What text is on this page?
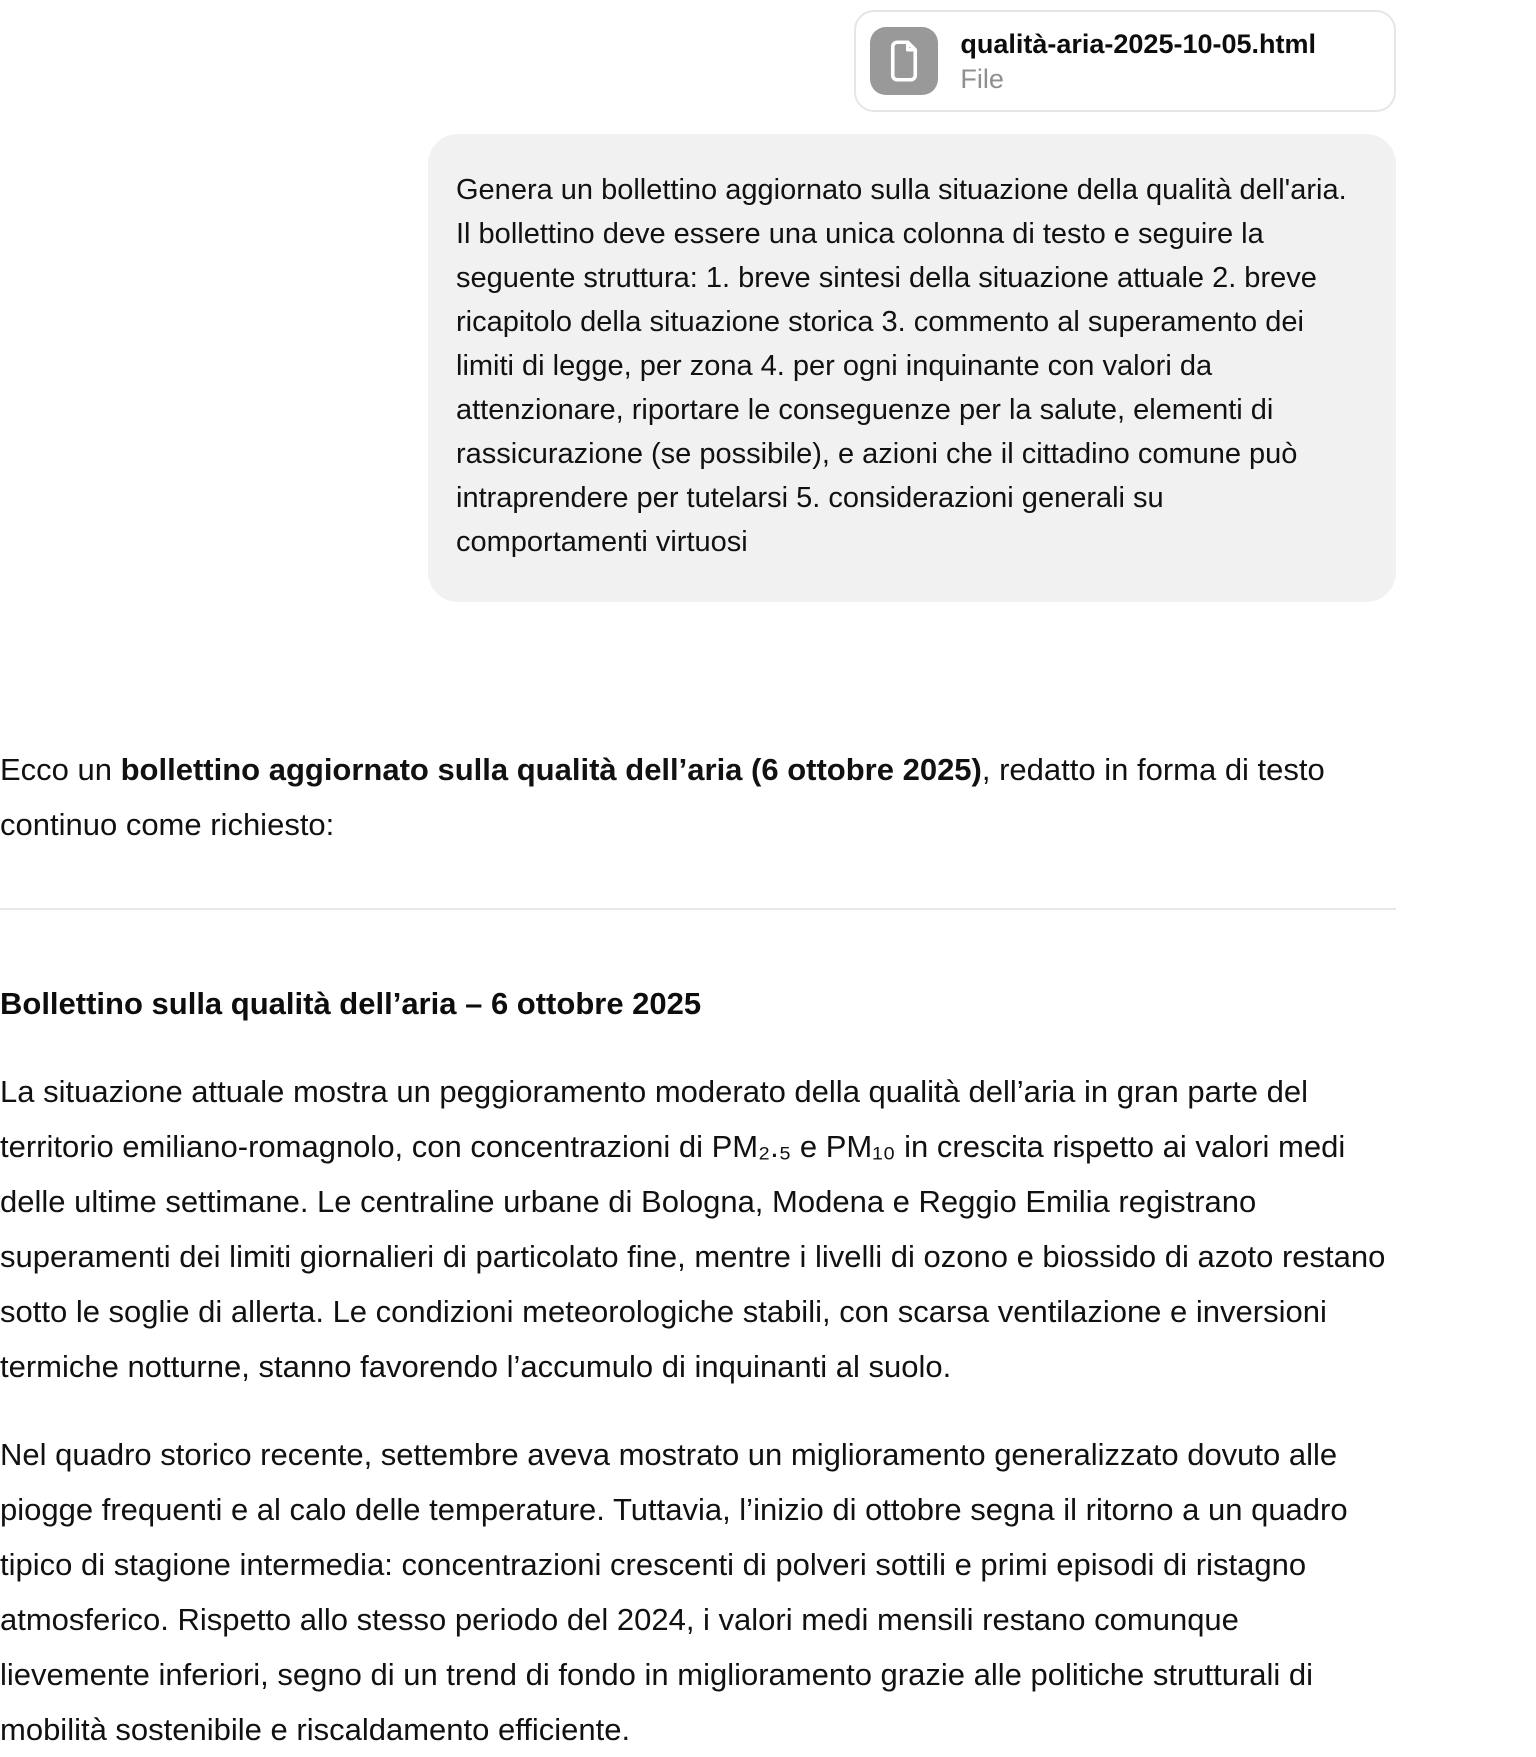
qualità-aria-2025-10-05.html
File

Genera un bollettino aggiornato sulla situazione della qualità dell'aria. Il bollettino deve essere una unica colonna di testo e seguire la seguente struttura: 1. breve sintesi della situazione attuale 2. breve ricapitolo della situazione storica 3. commento al superamento dei limiti di legge, per zona 4. per ogni inquinante con valori da attenzionare, riportare le conseguenze per la salute, elementi di rassicurazione (se possibile), e azioni che il cittadino comune può intraprendere per tutelarsi 5. considerazioni generali su comportamenti virtuosi

Ecco un bollettino aggiornato sulla qualità dell’aria (6 ottobre 2025), redatto in forma di testo continuo come richiesto:

Bollettino sulla qualità dell’aria – 6 ottobre 2025

La situazione attuale mostra un peggioramento moderato della qualità dell’aria in gran parte del territorio emiliano-romagnolo, con concentrazioni di PM₂.₅ e PM₁₀ in crescita rispetto ai valori medi delle ultime settimane. Le centraline urbane di Bologna, Modena e Reggio Emilia registrano superamenti dei limiti giornalieri di particolato fine, mentre i livelli di ozono e biossido di azoto restano sotto le soglie di allerta. Le condizioni meteorologiche stabili, con scarsa ventilazione e inversioni termiche notturne, stanno favorendo l’accumulo di inquinanti al suolo.

Nel quadro storico recente, settembre aveva mostrato un miglioramento generalizzato dovuto alle piogge frequenti e al calo delle temperature. Tuttavia, l’inizio di ottobre segna il ritorno a un quadro tipico di stagione intermedia: concentrazioni crescenti di polveri sottili e primi episodi di ristagno atmosferico. Rispetto allo stesso periodo del 2024, i valori medi mensili restano comunque lievemente inferiori, segno di un trend di fondo in miglioramento grazie alle politiche strutturali di mobilità sostenibile e riscaldamento efficiente.
